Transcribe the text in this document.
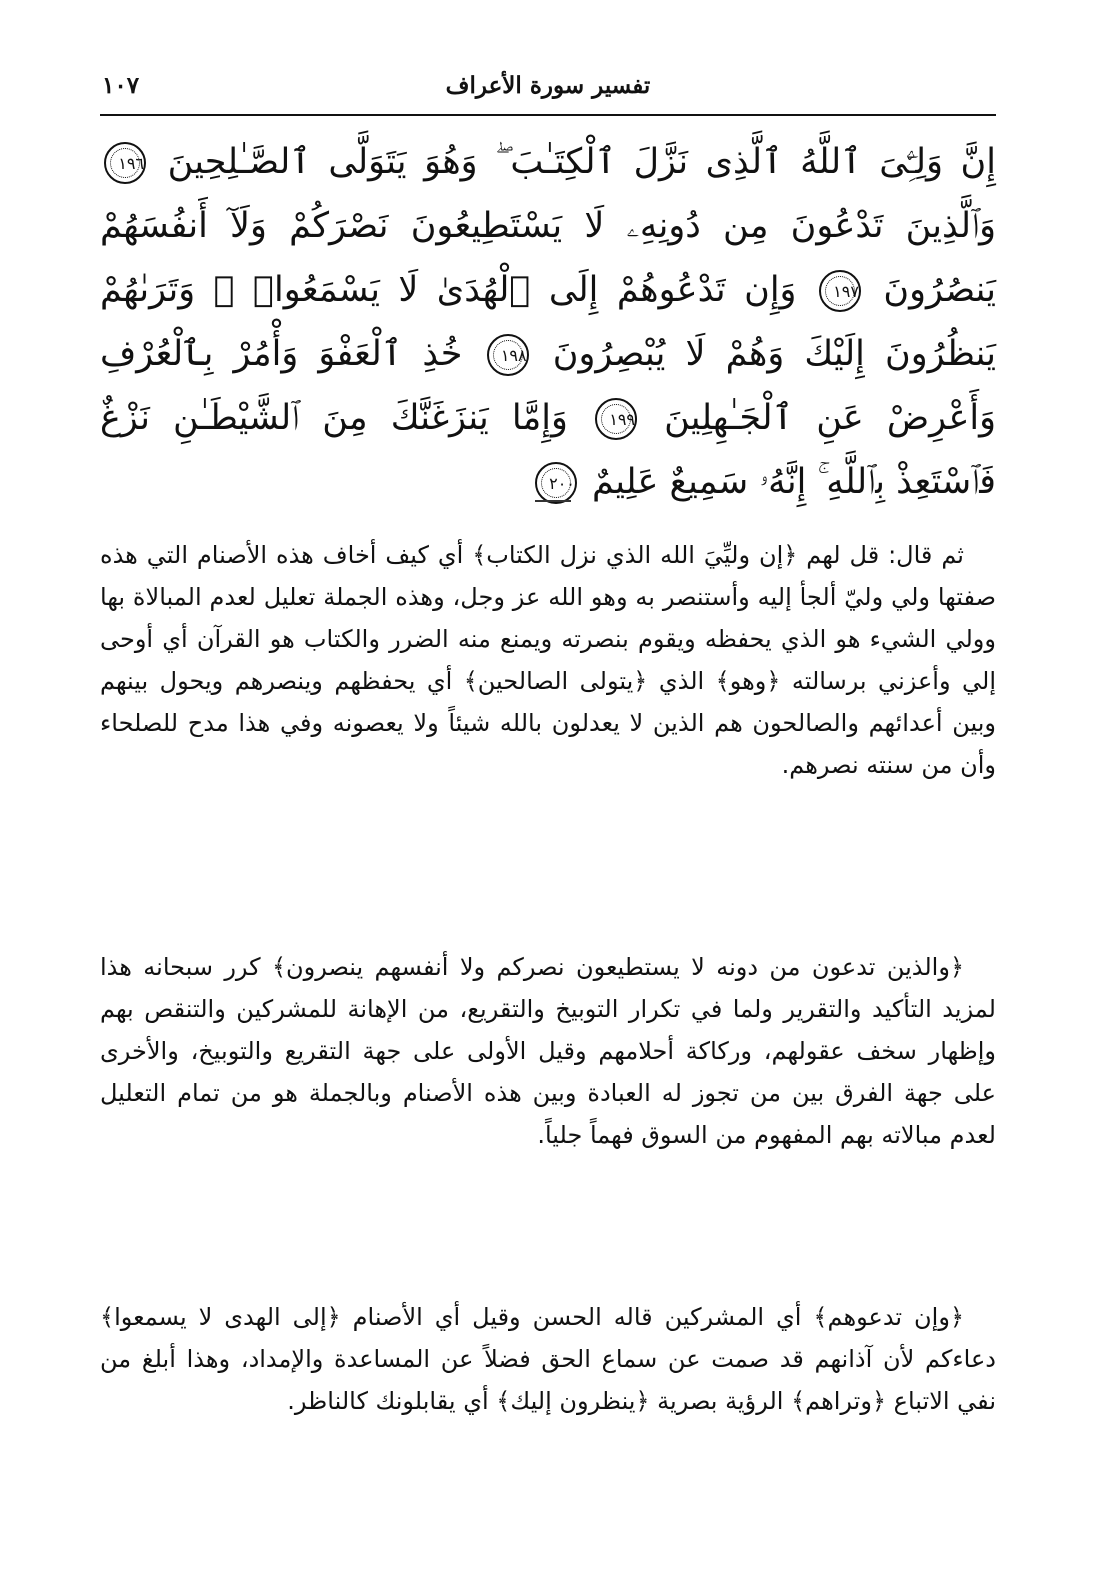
تفسير سورة الأعراف
١٠٧
إِنَّ وَلِـِّۧىَ ٱللَّهُ ٱلَّذِى نَزَّلَ ٱلْكِتَـٰبَ ۖ وَهُوَ يَتَوَلَّى ٱلصَّـٰلِحِينَ ١٩٦ وَٱلَّذِينَ تَدْعُونَ مِن دُونِهِۦ لَا يَسْتَطِيعُونَ نَصْرَكُمْ وَلَآ أَنفُسَهُمْ يَنصُرُونَ ١٩٧ وَإِن تَدْعُوهُمْ إِلَى ٱلْهُدَىٰ لَا يَسْمَعُوا۟ ۖ وَتَرَىٰهُمْ يَنظُرُونَ إِلَيْكَ وَهُمْ لَا يُبْصِرُونَ ١٩٨ خُذِ ٱلْعَفْوَ وَأْمُرْ بِٱلْعُرْفِ وَأَعْرِضْ عَنِ ٱلْجَـٰهِلِينَ ١٩٩ وَإِمَّا يَنزَغَنَّكَ مِنَ ٱلشَّيْطَـٰنِ نَزْغٌ فَٱسْتَعِذْ بِٱللَّهِ ۚ إِنَّهُۥ سَمِيعٌ عَلِيمٌ ٢٠٠
ثم قال: قل لهم ﴿إن وليِّيَ الله الذي نزل الكتاب﴾ أي كيف أخاف هذه الأصنام التي هذه صفتها ولي وليّ ألجأ إليه وأستنصر به وهو الله عز وجل، وهذه الجملة تعليل لعدم المبالاة بها وولي الشيء هو الذي يحفظه ويقوم بنصرته ويمنع منه الضرر والكتاب هو القرآن أي أوحى إلي وأعزني برسالته ﴿وهو﴾ الذي ﴿يتولى الصالحين﴾ أي يحفظهم وينصرهم ويحول بينهم وبين أعدائهم والصالحون هم الذين لا يعدلون بالله شيئاً ولا يعصونه وفي هذا مدح للصلحاء وأن من سنته نصرهم.
﴿والذين تدعون من دونه لا يستطيعون نصركم ولا أنفسهم ينصرون﴾ كرر سبحانه هذا لمزيد التأكيد والتقرير ولما في تكرار التوبيخ والتقريع، من الإهانة للمشركين والتنقص بهم وإظهار سخف عقولهم، وركاكة أحلامهم وقيل الأولى على جهة التقريع والتوبيخ، والأخرى على جهة الفرق بين من تجوز له العبادة وبين هذه الأصنام وبالجملة هو من تمام التعليل لعدم مبالاته بهم المفهوم من السوق فهماً جلياً.
﴿وإن تدعوهم﴾ أي المشركين قاله الحسن وقيل أي الأصنام ﴿إلى الهدى لا يسمعوا﴾ دعاءكم لأن آذانهم قد صمت عن سماع الحق فضلاً عن المساعدة والإمداد، وهذا أبلغ من نفي الاتباع ﴿وتراهم﴾ الرؤية بصرية ﴿ينظرون إليك﴾ أي يقابلونك كالناظر.
